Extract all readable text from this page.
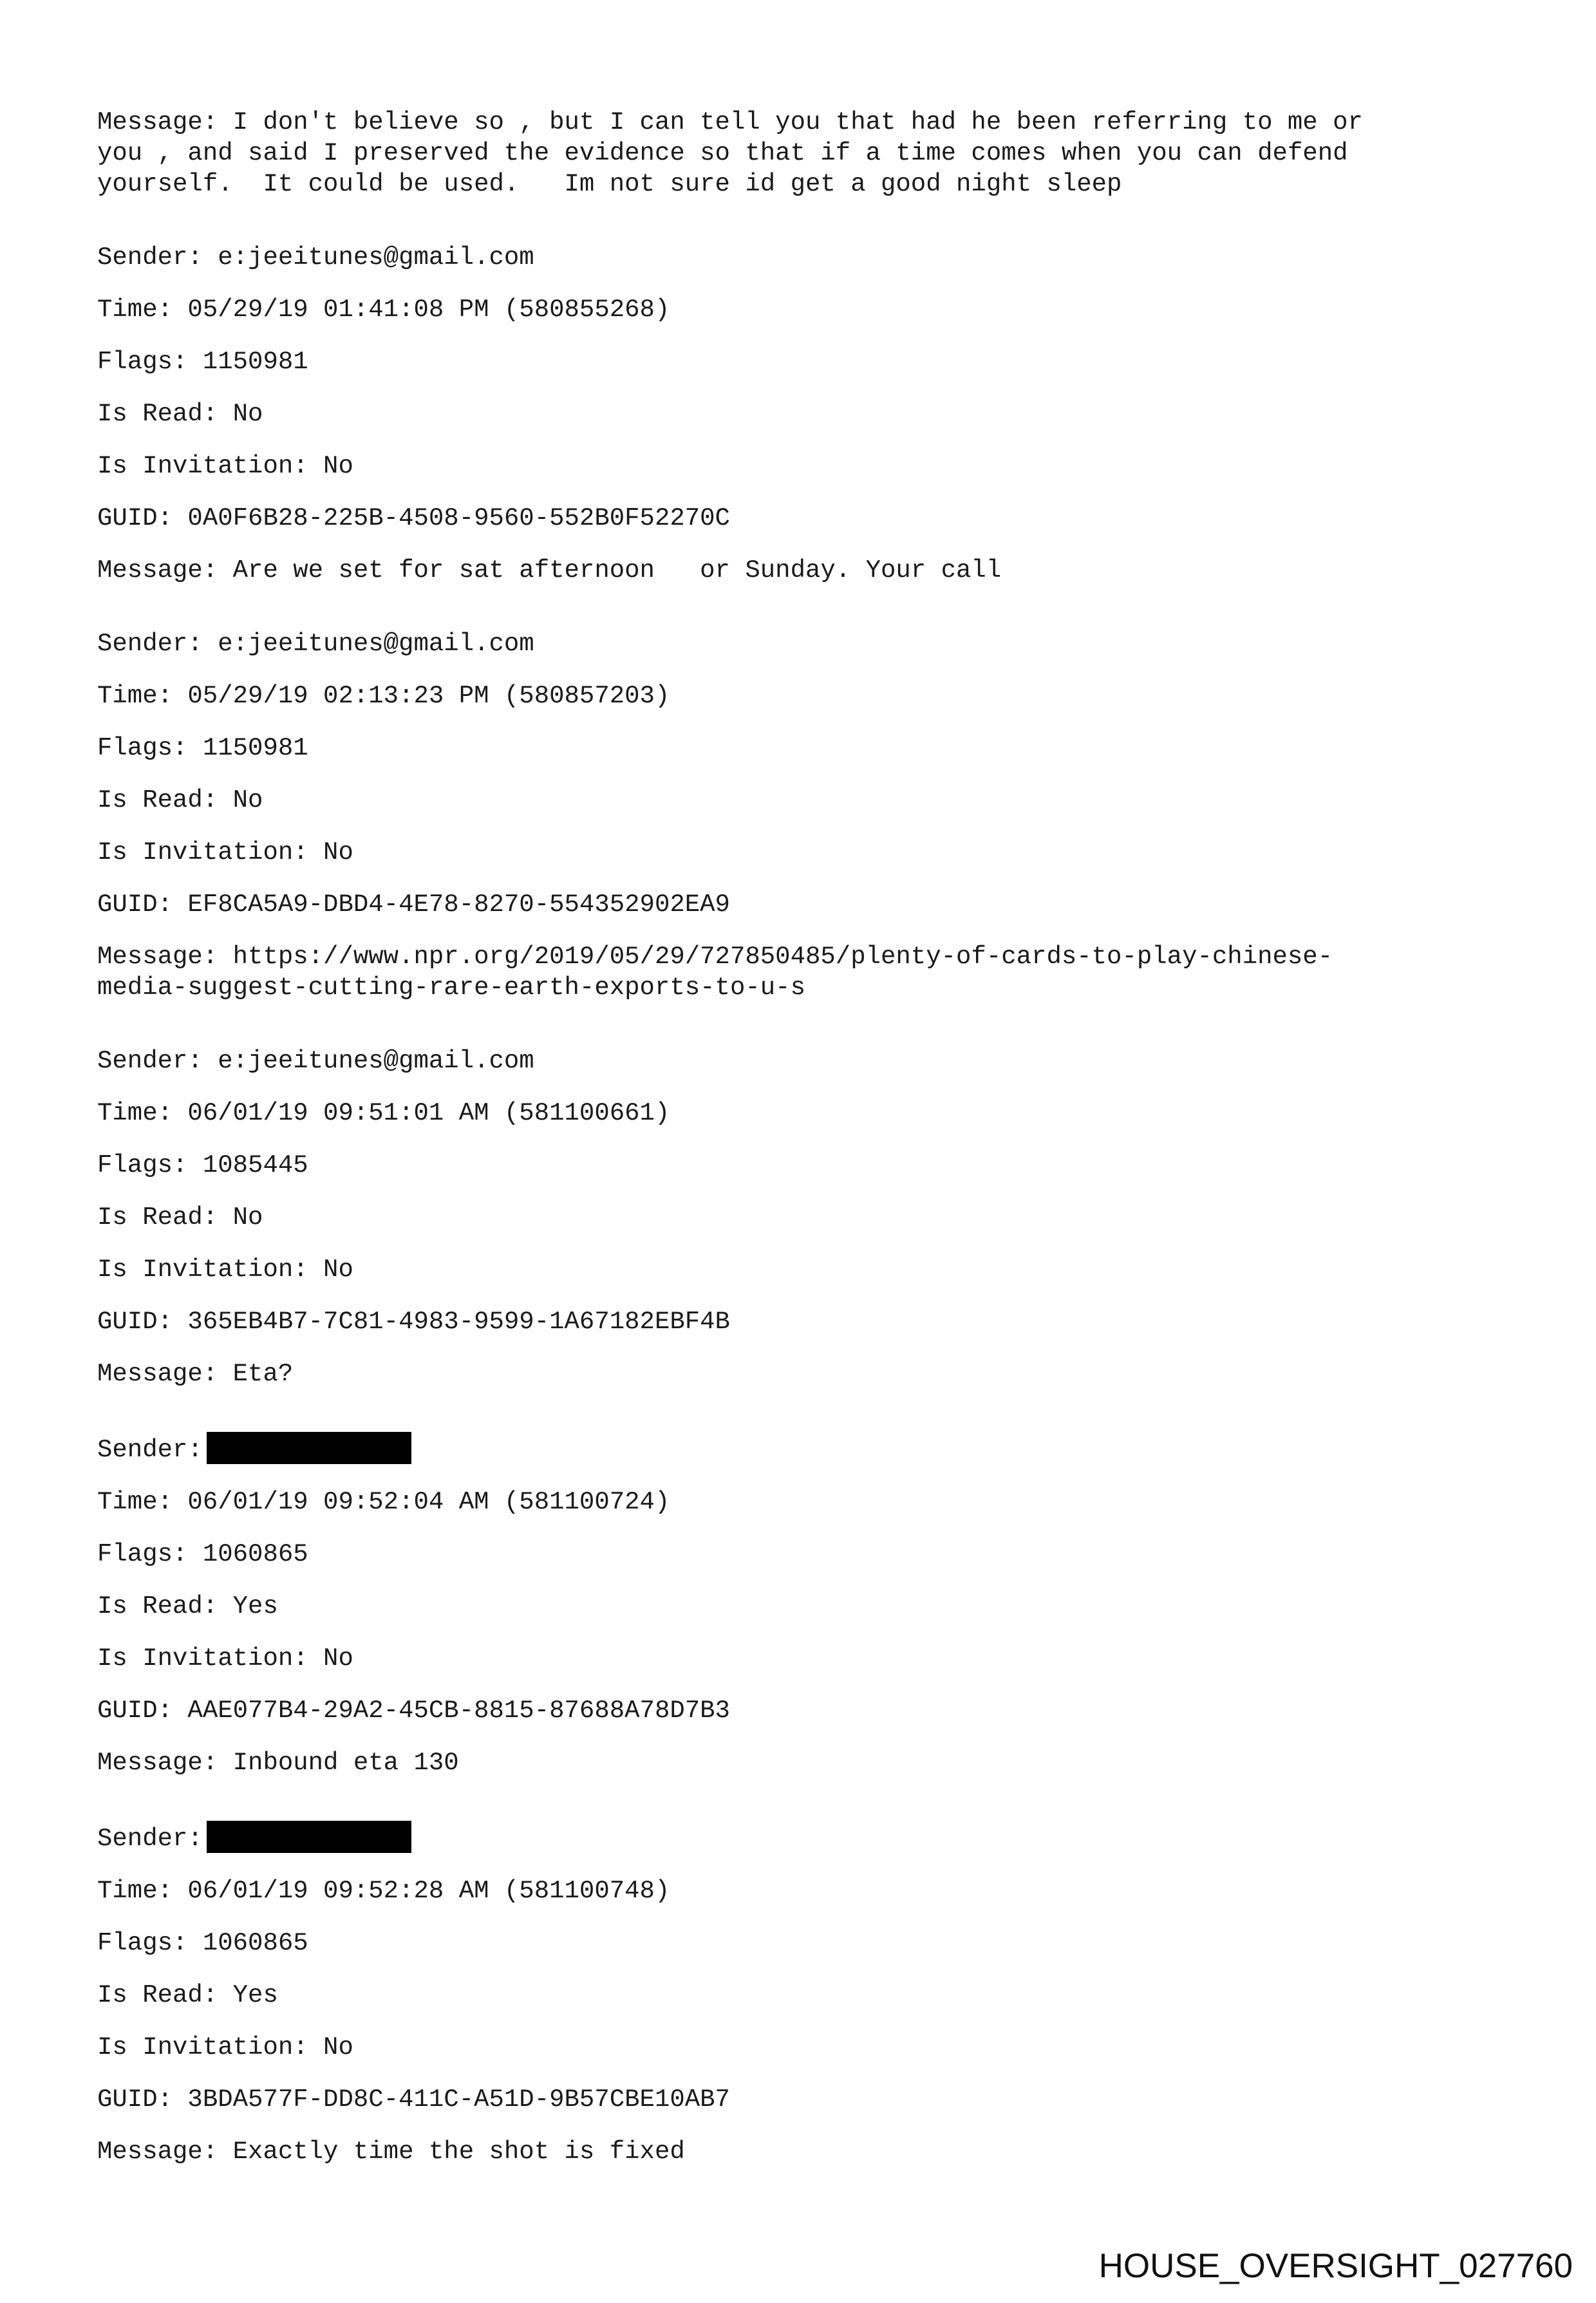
Message: I don't believe so , but I can tell you that had he been referring to me or

you , and said I preserved the evidence so that if a time comes when you can defend

yourself.  It could be used.   Im not sure id get a good night sleep

Sender: e:jeeitunes@gmail.com

Time: 05/29/19 01:41:08 PM (580855268)

Flags: 1150981

Is Read: No

Is Invitation: No

GUID: 0A0F6B28-225B-4508-9560-552B0F52270C

Message: Are we set for sat afternoon   or Sunday. Your call

Sender: e:jeeitunes@gmail.com

Time: 05/29/19 02:13:23 PM (580857203)

Flags: 1150981

Is Read: No

Is Invitation: No

GUID: EF8CA5A9-DBD4-4E78-8270-554352902EA9

Message: https://www.npr.org/2019/05/29/727850485/plenty-of-cards-to-play-chinese-

media-suggest-cutting-rare-earth-exports-to-u-s

Sender: e:jeeitunes@gmail.com

Time: 06/01/19 09:51:01 AM (581100661)

Flags: 1085445

Is Read: No

Is Invitation: No

GUID: 365EB4B7-7C81-4983-9599-1A67182EBF4B

Message: Eta?

Sender:

Time: 06/01/19 09:52:04 AM (581100724)

Flags: 1060865

Is Read: Yes

Is Invitation: No

GUID: AAE077B4-29A2-45CB-8815-87688A78D7B3

Message: Inbound eta 130

Sender:

Time: 06/01/19 09:52:28 AM (581100748)

Flags: 1060865

Is Read: Yes

Is Invitation: No

GUID: 3BDA577F-DD8C-411C-A51D-9B57CBE10AB7

Message: Exactly time the shot is fixed

HOUSE_OVERSIGHT_027760
